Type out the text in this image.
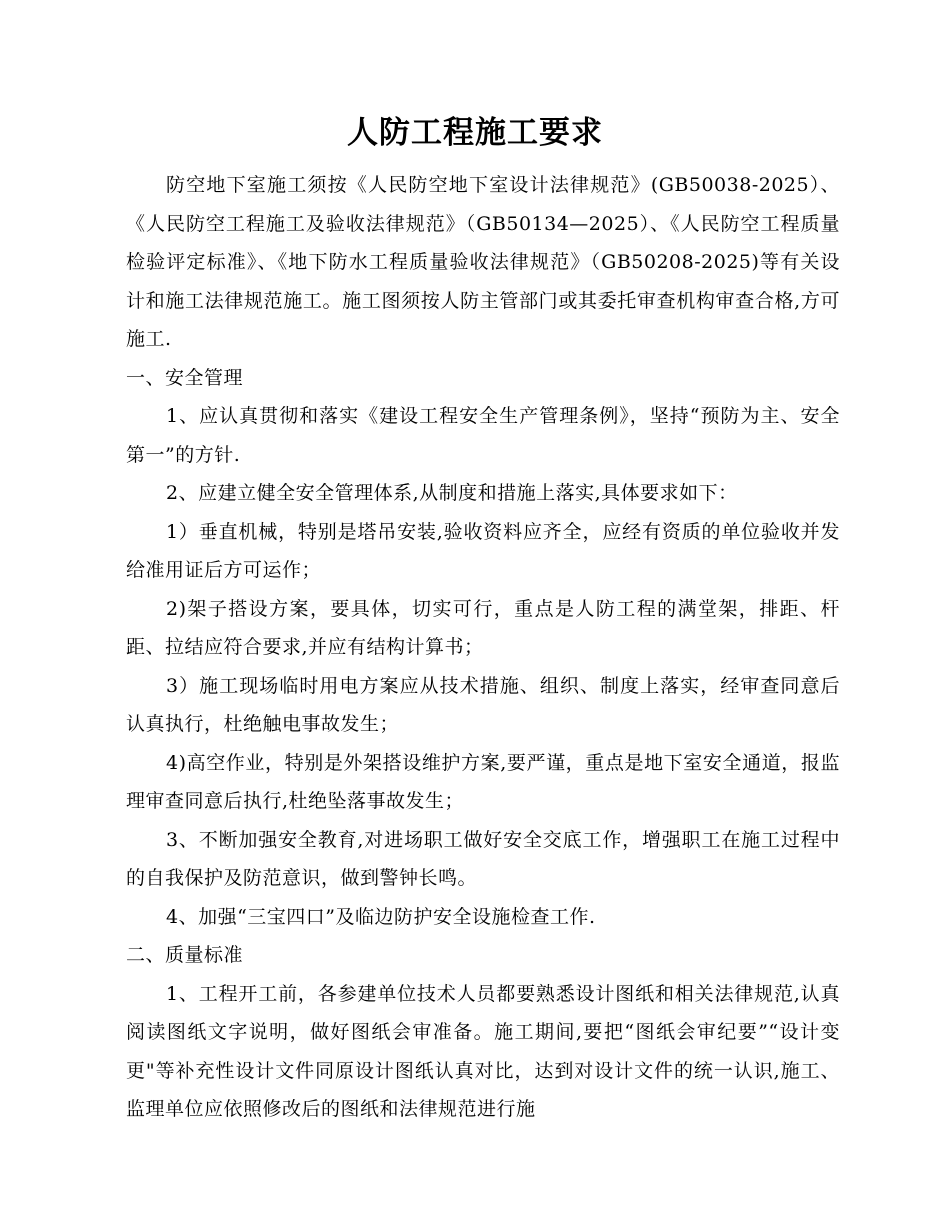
人防工程施工要求

防空地下室施工须按《人民防空地下室设计法律规范》(GB50038-2025）、《人民防空工程施工及验收法律规范》（GB50134—2025）、《人民防空工程质量检验评定标准》、《地下防水工程质量验收法律规范》（GB50208-2025)等有关设计和施工法律规范施工。施工图须按人防主管部门或其委托审查机构审查合格,方可施工.

一、安全管理

1、应认真贯彻和落实《建设工程安全生产管理条例》，坚持“预防为主、安全第一”的方针.

2、应建立健全安全管理体系,从制度和措施上落实,具体要求如下：

1）垂直机械，特别是塔吊安装,验收资料应齐全，应经有资质的单位验收并发给准用证后方可运作；

2)架子搭设方案，要具体，切实可行，重点是人防工程的满堂架，排距、杆距、拉结应符合要求,并应有结构计算书；

3）施工现场临时用电方案应从技术措施、组织、制度上落实，经审查同意后认真执行，杜绝触电事故发生；

4)高空作业，特别是外架搭设维护方案,要严谨，重点是地下室安全通道，报监理审查同意后执行,杜绝坠落事故发生；

3、不断加强安全教育,对进场职工做好安全交底工作，增强职工在施工过程中的自我保护及防范意识，做到警钟长鸣。

4、加强“三宝四口”及临边防护安全设施检查工作.

二、质量标准

1、工程开工前，各参建单位技术人员都要熟悉设计图纸和相关法律规范,认真阅读图纸文字说明，做好图纸会审准备。施工期间,要把“图纸会审纪要”“设计变更"等补充性设计文件同原设计图纸认真对比，达到对设计文件的统一认识,施工、监理单位应依照修改后的图纸和法律规范进行施
